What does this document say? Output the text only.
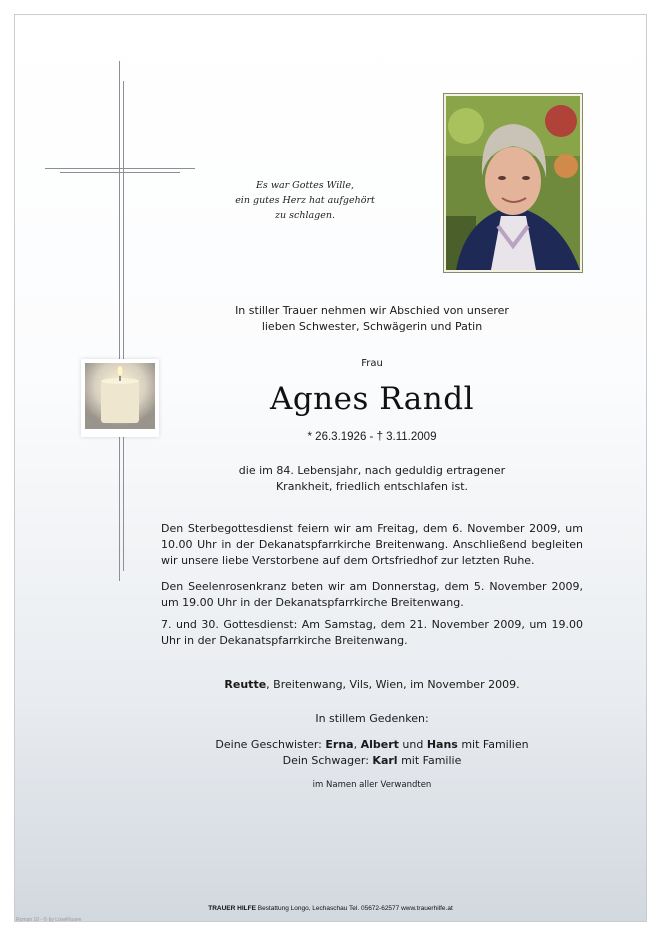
Es war Gottes Wille,
ein gutes Herz hat aufgehört
zu schlagen.
In stiller Trauer nehmen wir Abschied von unserer
lieben Schwester, Schwägerin und Patin
Frau
Agnes Randl
* 26.3.1926 - † 3.11.2009
die im 84. Lebensjahr, nach geduldig ertragener
Krankheit, friedlich entschlafen ist.
Den Sterbegottesdienst feiern wir am Freitag, dem 6. November 2009, um 10.00 Uhr in der Dekanatspfarrkirche Breitenwang. Anschließend begleiten wir unsere liebe Verstorbene auf dem Ortsfriedhof zur letzten Ruhe.
Den Seelenrosenkranz beten wir am Donnerstag, dem 5. November 2009, um 19.00 Uhr in der Dekanatspfarrkirche Breitenwang.
7. und 30. Gottesdienst: Am Samstag, dem 21. November 2009, um 19.00 Uhr in der Dekanatspfarrkirche Breitenwang.
Reutte, Breitenwang, Vils, Wien, im November 2009.
In stillem Gedenken:
Deine Geschwister: Erna, Albert und Hans mit Familien
Dein Schwager: Karl mit Familie
im Namen aller Verwandten
TRAUER HILFE Bestattung Longo, Lechaschau Tel. 05672-62577 www.trauerhilfe.at
Roman 10 - © by LöseKlusen
